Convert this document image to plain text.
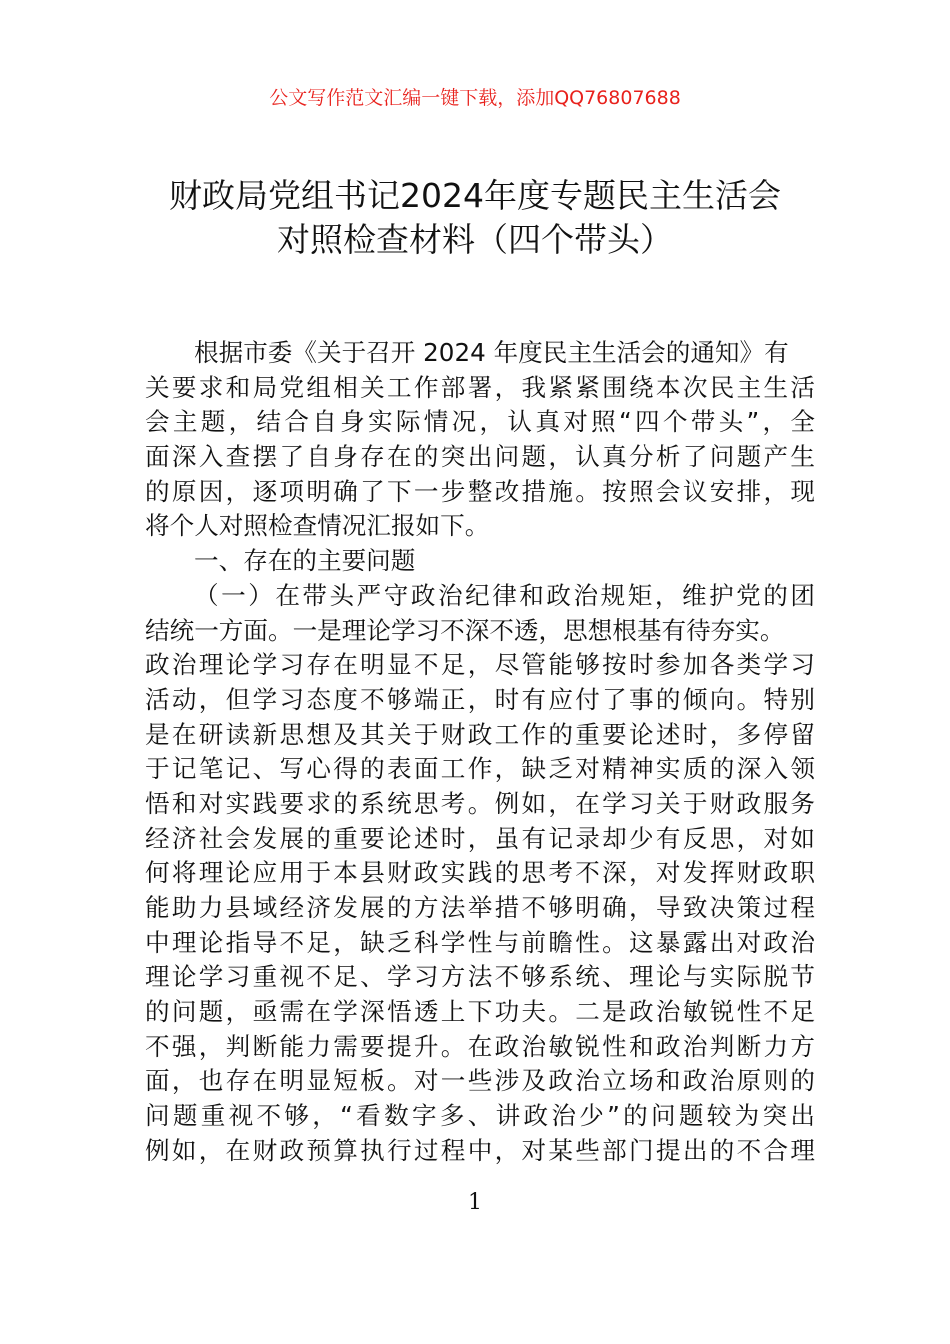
公文写作范文汇编一键下载，添加QQ76807688
财政局党组书记2024年度专题民主生活会
对照检查材料（四个带头）
根据市委《关于召开 2024 年度民主生活会的通知》有
关要求和局党组相关工作部署，我紧紧围绕本次民主生活
会主题，结合自身实际情况，认真对照“四个带头”，全
面深入查摆了自身存在的突出问题，认真分析了问题产生
的原因，逐项明确了下一步整改措施。按照会议安排，现
将个人对照检查情况汇报如下。
一、存在的主要问题
（一）在带头严守政治纪律和政治规矩，维护党的团
结统一方面。一是理论学习不深不透，思想根基有待夯实。
政治理论学习存在明显不足，尽管能够按时参加各类学习
活动，但学习态度不够端正，时有应付了事的倾向。特别
是在研读新思想及其关于财政工作的重要论述时，多停留
于记笔记、写心得的表面工作，缺乏对精神实质的深入领
悟和对实践要求的系统思考。例如，在学习关于财政服务
经济社会发展的重要论述时，虽有记录却少有反思，对如
何将理论应用于本县财政实践的思考不深，对发挥财政职
能助力县域经济发展的方法举措不够明确，导致决策过程
中理论指导不足，缺乏科学性与前瞻性。这暴露出对政治
理论学习重视不足、学习方法不够系统、理论与实际脱节
的问题，亟需在学深悟透上下功夫。二是政治敏锐性不足
不强，判断能力需要提升。在政治敏锐性和政治判断力方
面，也存在明显短板。对一些涉及政治立场和政治原则的
问题重视不够，“看数字多、讲政治少”的问题较为突出
例如，在财政预算执行过程中，对某些部门提出的不合理
1
